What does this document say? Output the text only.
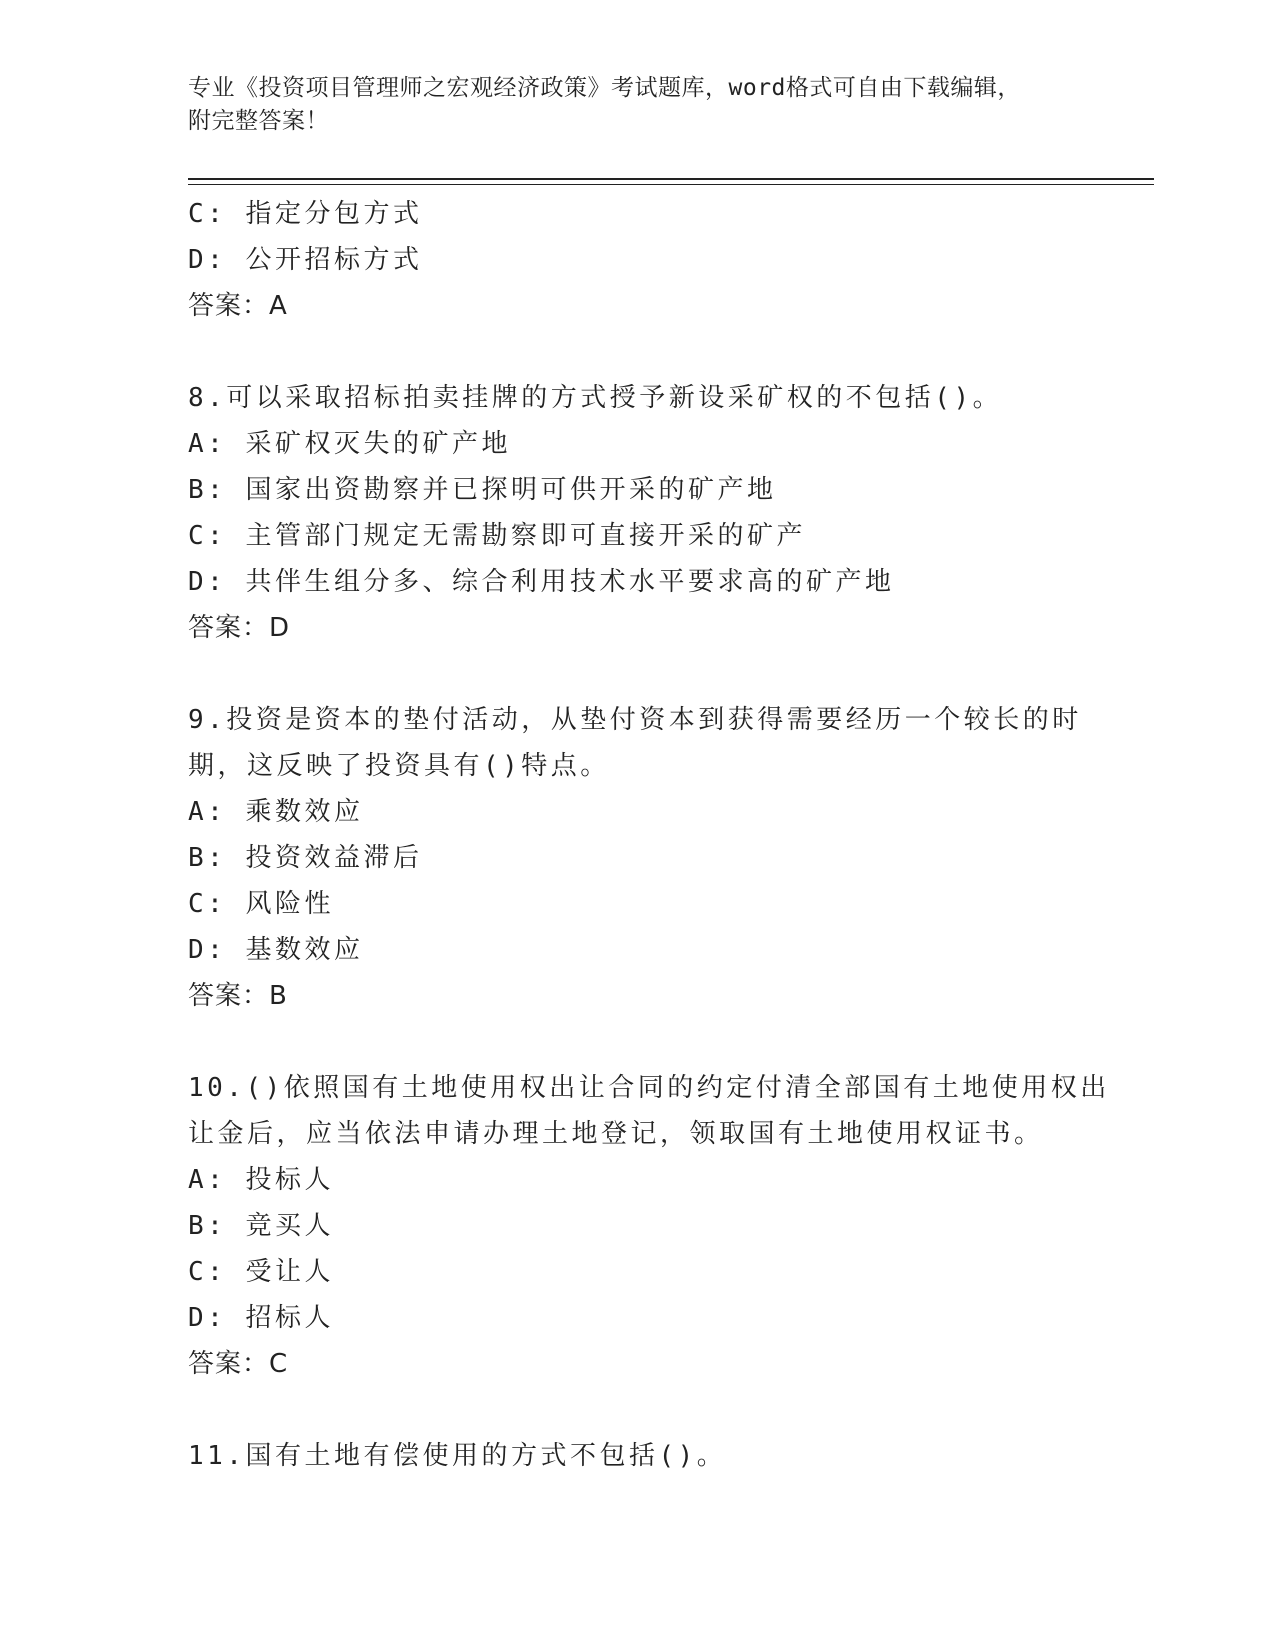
专业《投资项目管理师之宏观经济政策》考试题库，word格式可自由下载编辑，
附完整答案！
C: 指定分包方式
D: 公开招标方式
答案：A
8.可以采取招标拍卖挂牌的方式授予新设采矿权的不包括()。
A: 采矿权灭失的矿产地
B: 国家出资勘察并已探明可供开采的矿产地
C: 主管部门规定无需勘察即可直接开采的矿产
D: 共伴生组分多、综合利用技术水平要求高的矿产地
答案：D
9.投资是资本的垫付活动，从垫付资本到获得需要经历一个较长的时
期，这反映了投资具有()特点。
A: 乘数效应
B: 投资效益滞后
C: 风险性
D: 基数效应
答案：B
10.()依照国有土地使用权出让合同的约定付清全部国有土地使用权出
让金后，应当依法申请办理土地登记，领取国有土地使用权证书。
A: 投标人
B: 竞买人
C: 受让人
D: 招标人
答案：C
11.国有土地有偿使用的方式不包括()。
